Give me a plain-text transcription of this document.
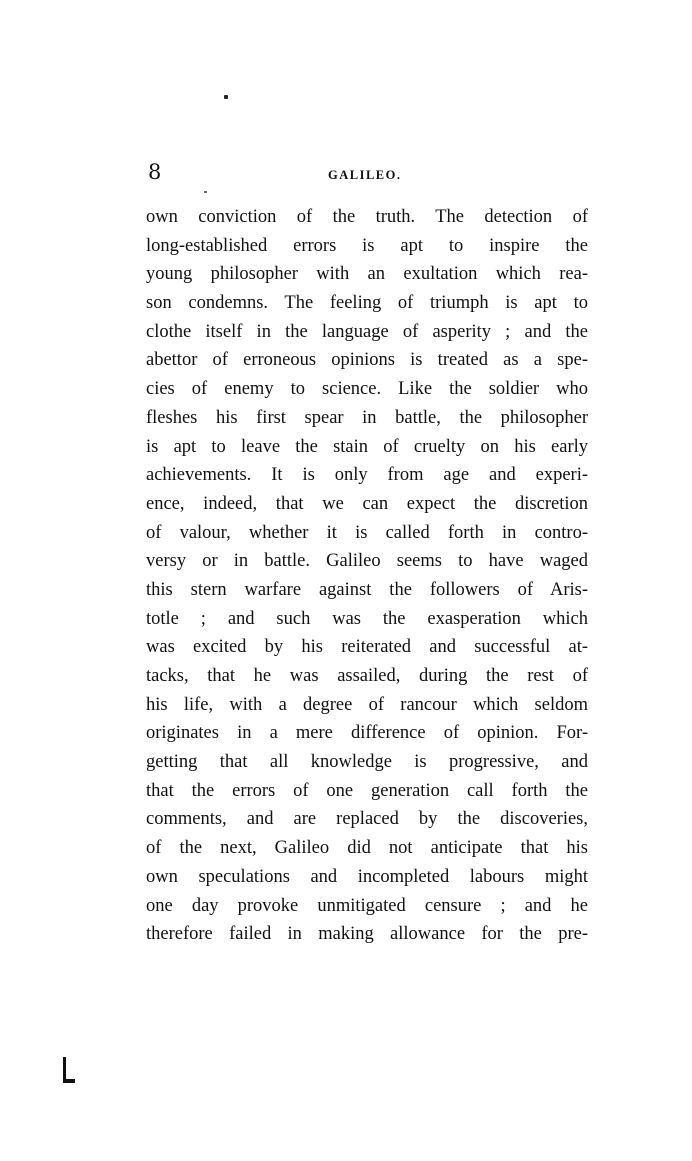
8	GALILEO.
own conviction of the truth. The detection of
long-established errors is apt to inspire the
young philosopher with an exultation which rea-
son condemns. The feeling of triumph is apt to
clothe itself in the language of asperity ; and the
abettor of erroneous opinions is treated as a spe-
cies of enemy to science. Like the soldier who
fleshes his first spear in battle, the philosopher
is apt to leave the stain of cruelty on his early
achievements. It is only from age and experi-
ence, indeed, that we can expect the discretion
of valour, whether it is called forth in contro-
versy or in battle. Galileo seems to have waged
this stern warfare against the followers of Aris-
totle ; and such was the exasperation which
was excited by his reiterated and successful at-
tacks, that he was assailed, during the rest of
his life, with a degree of rancour which seldom
originates in a mere difference of opinion. For-
getting that all knowledge is progressive, and
that the errors of one generation call forth the
comments, and are replaced by the discoveries,
of the next, Galileo did not anticipate that his
own speculations and incompleted labours might
one day provoke unmitigated censure ; and he
therefore failed in making allowance for the pre-
